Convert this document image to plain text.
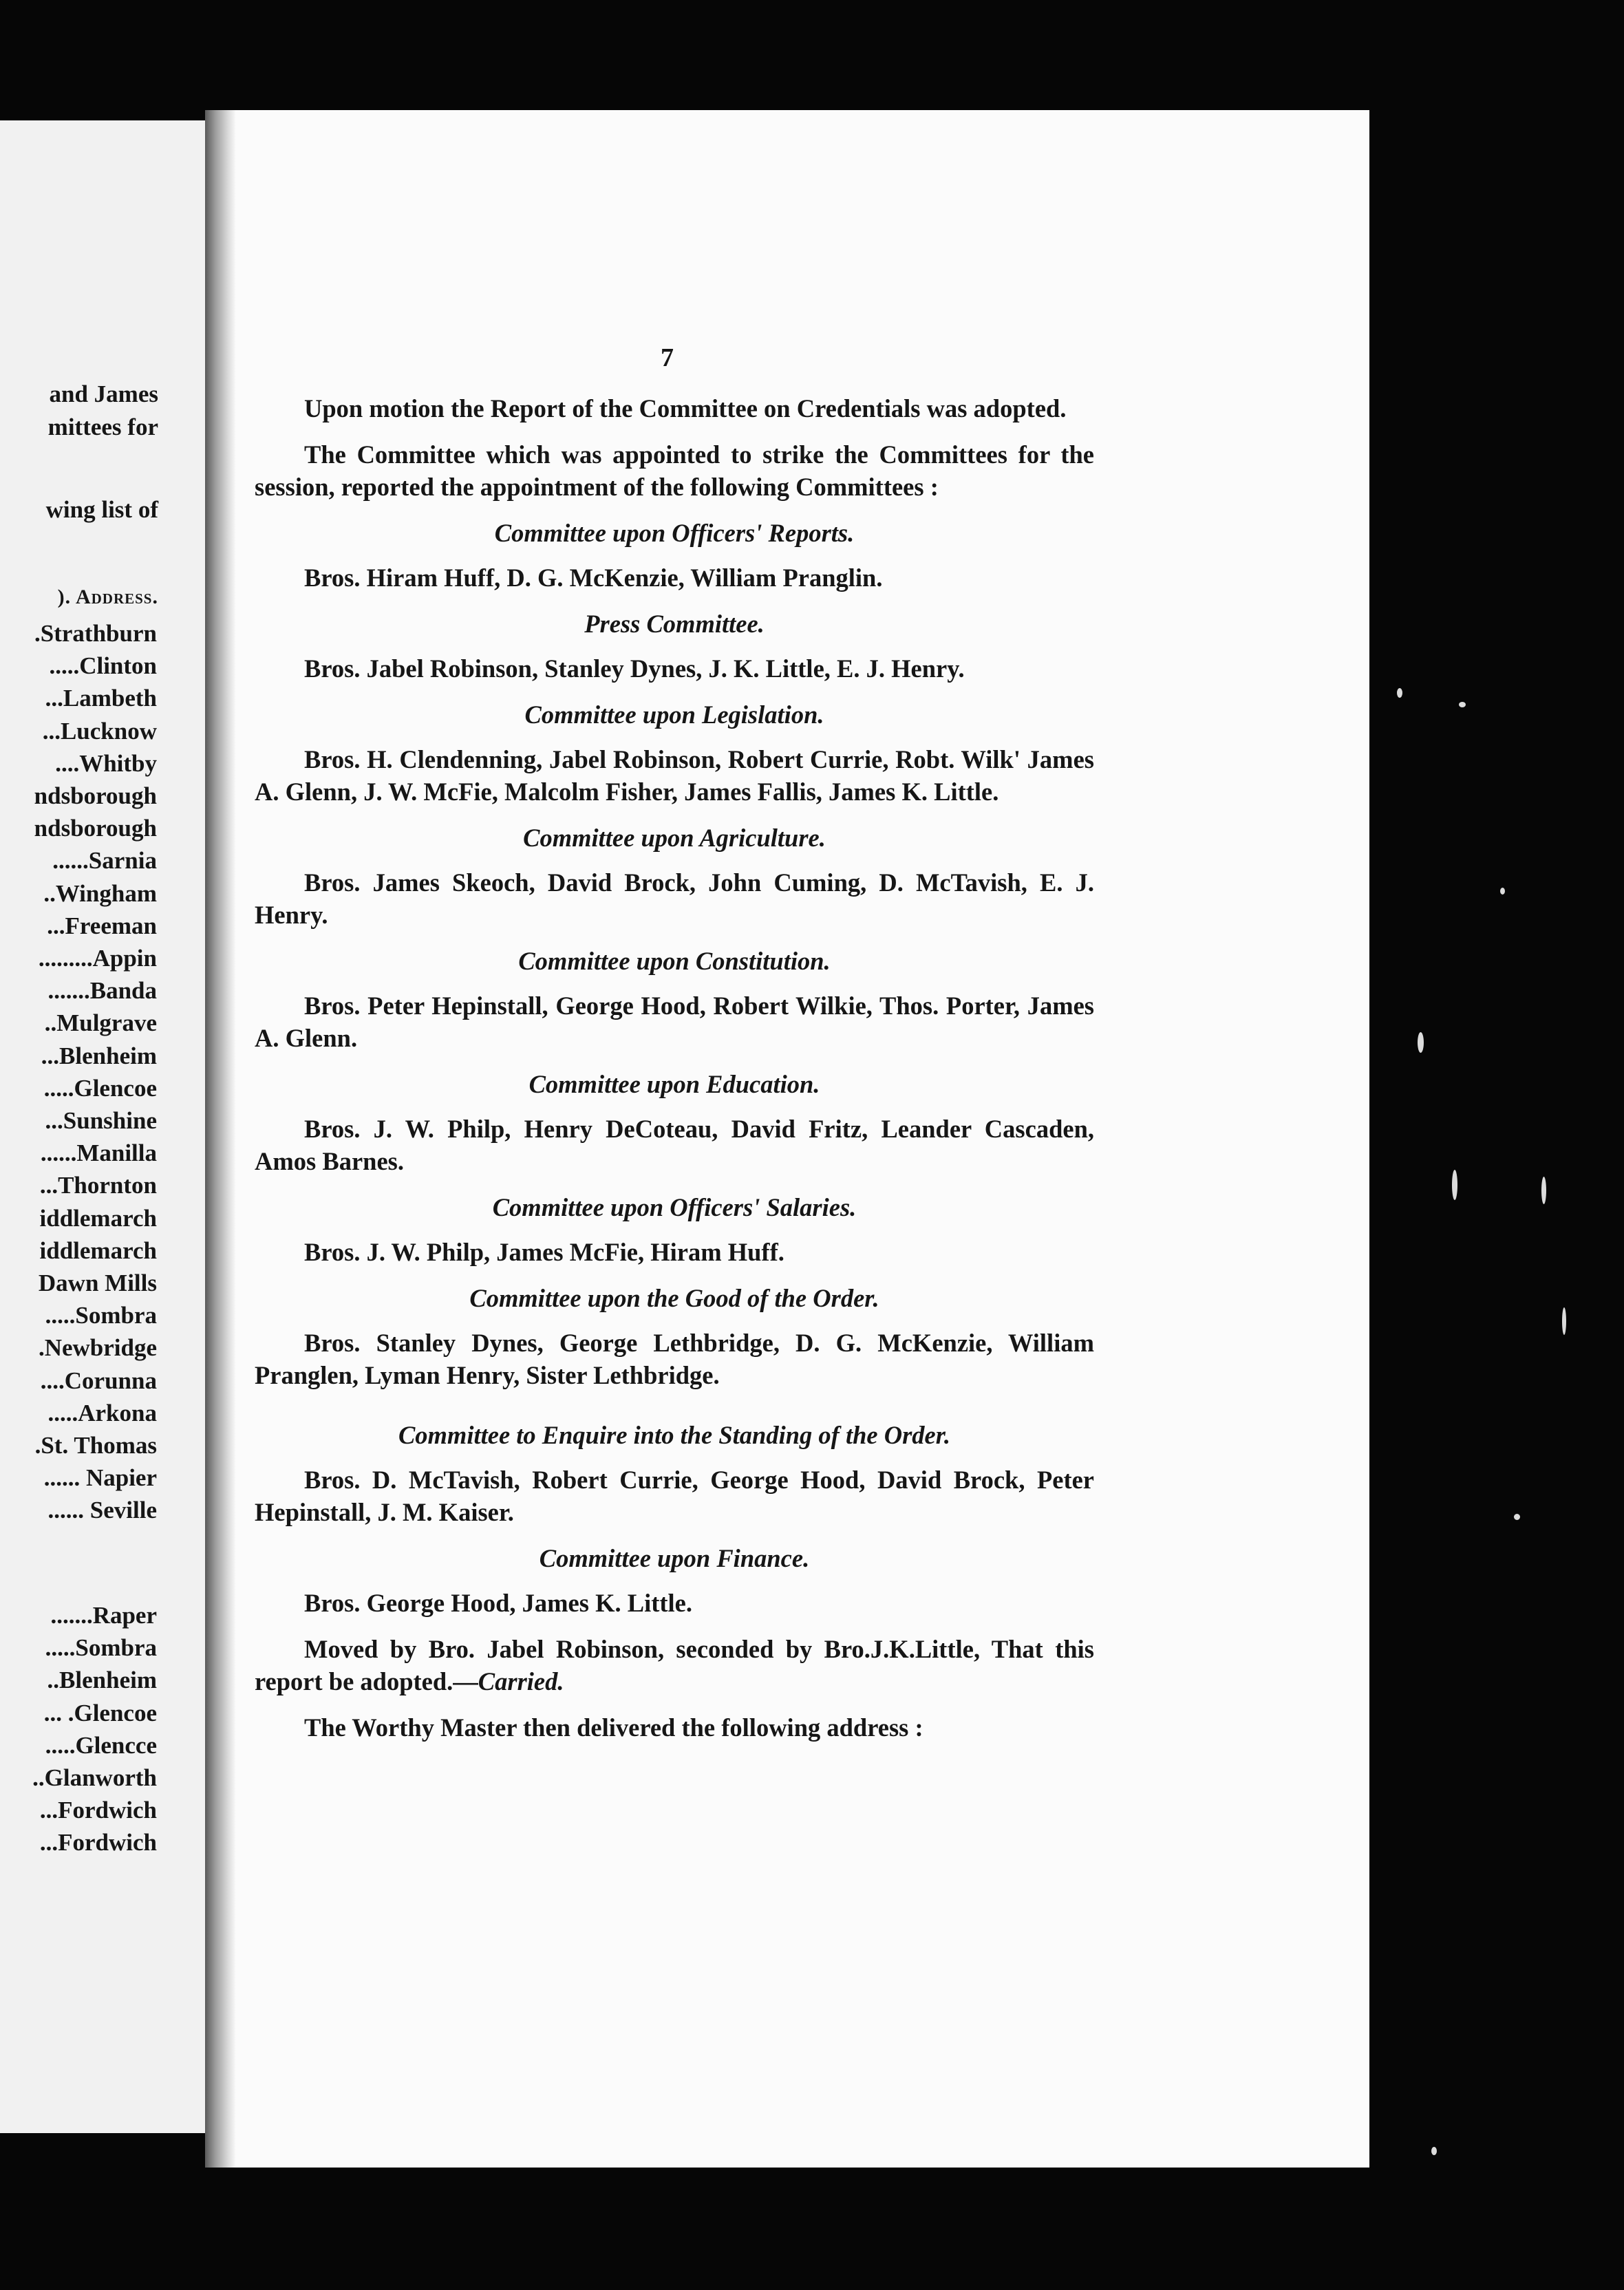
and James
mittees for
wing list of
). Address.
.Strathburn
.....Clinton
...Lambeth
...Lucknow
....Whitby
ndsborough
ndsborough
......Sarnia
..Wingham
...Freeman
.........Appin
.......Banda
..Mulgrave
...Blenheim
.....Glencoe
...Sunshine
......Manilla
...Thornton
iddlemarch
iddlemarch
Dawn Mills
.....Sombra
.Newbridge
....Corunna
.....Arkona
.St. Thomas
...... Napier
...... Seville
.......Raper
.....Sombra
..Blenheim
... .Glencoe
.....Glencce
..Glanworth
...Fordwich
...Fordwich
7

Upon motion the Report of the Committee on Credentials was adopted.

The Committee which was appointed to strike the Committees for the session, reported the appointment of the following Committees :

Committee upon Officers' Reports.

Bros. Hiram Huff, D. G. McKenzie, William Pranglin.

Press Committee.

Bros. Jabel Robinson, Stanley Dynes, J. K. Little, E. J. Henry.

Committee upon Legislation.

Bros. H. Clendenning, Jabel Robinson, Robert Currie, Robt. Wilk' James A. Glenn, J. W. McFie, Malcolm Fisher, James Fallis, James K. Little.

Committee upon Agriculture.

Bros. James Skeoch, David Brock, John Cuming, D. McTavish, E. J. Henry.

Committee upon Constitution.

Bros. Peter Hepinstall, George Hood, Robert Wilkie, Thos. Porter, James A. Glenn.

Committee upon Education.

Bros. J. W. Philp, Henry DeCoteau, David Fritz, Leander Cascaden, Amos Barnes.

Committee upon Officers' Salaries.

Bros. J. W. Philp, James McFie, Hiram Huff.

Committee upon the Good of the Order.

Bros. Stanley Dynes, George Lethbridge, D. G. McKenzie, William Pranglen, Lyman Henry, Sister Lethbridge.

Committee to Enquire into the Standing of the Order.

Bros. D. McTavish, Robert Currie, George Hood, David Brock, Peter Hepinstall, J. M. Kaiser.

Committee upon Finance.

Bros. George Hood, James K. Little.

Moved by Bro. Jabel Robinson, seconded by Bro.J.K.Little, That this report be adopted.—Carried.

The Worthy Master then delivered the following address :
